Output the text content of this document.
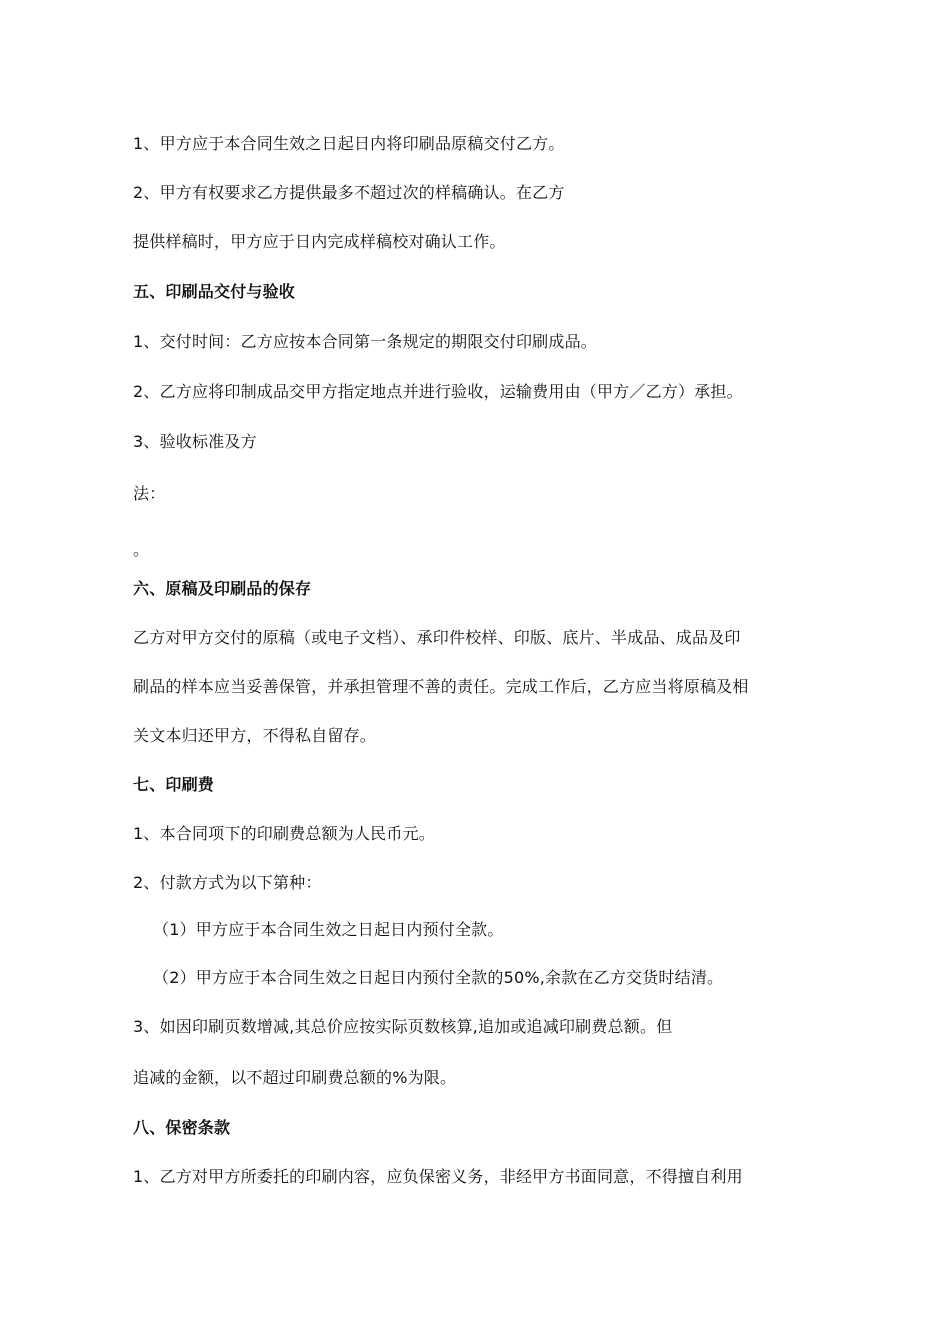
1、甲方应于本合同生效之日起日内将印刷品原稿交付乙方。
2、甲方有权要求乙方提供最多不超过次的样稿确认。在乙方
提供样稿时，甲方应于日内完成样稿校对确认工作。
五、印刷品交付与验收
1、交付时间：乙方应按本合同第一条规定的期限交付印刷成品。
2、乙方应将印制成品交甲方指定地点并进行验收，运输费用由（甲方／乙方）承担。
3、验收标准及方
法：
。
六、原稿及印刷品的保存
乙方对甲方交付的原稿（或电子文档）、承印件校样、印版、底片、半成品、成品及印
刷品的样本应当妥善保管，并承担管理不善的责任。完成工作后，乙方应当将原稿及相
关文本归还甲方，不得私自留存。
七、印刷费
1、本合同项下的印刷费总额为人民币元。
2、付款方式为以下第种：
（1）甲方应于本合同生效之日起日内预付全款。
（2）甲方应于本合同生效之日起日内预付全款的50%,余款在乙方交货时结清。
3、如因印刷页数增减,其总价应按实际页数核算,追加或追减印刷费总额。但
追减的金额，以不超过印刷费总额的%为限。
八、保密条款
1、乙方对甲方所委托的印刷内容，应负保密义务，非经甲方书面同意，不得擅自利用
